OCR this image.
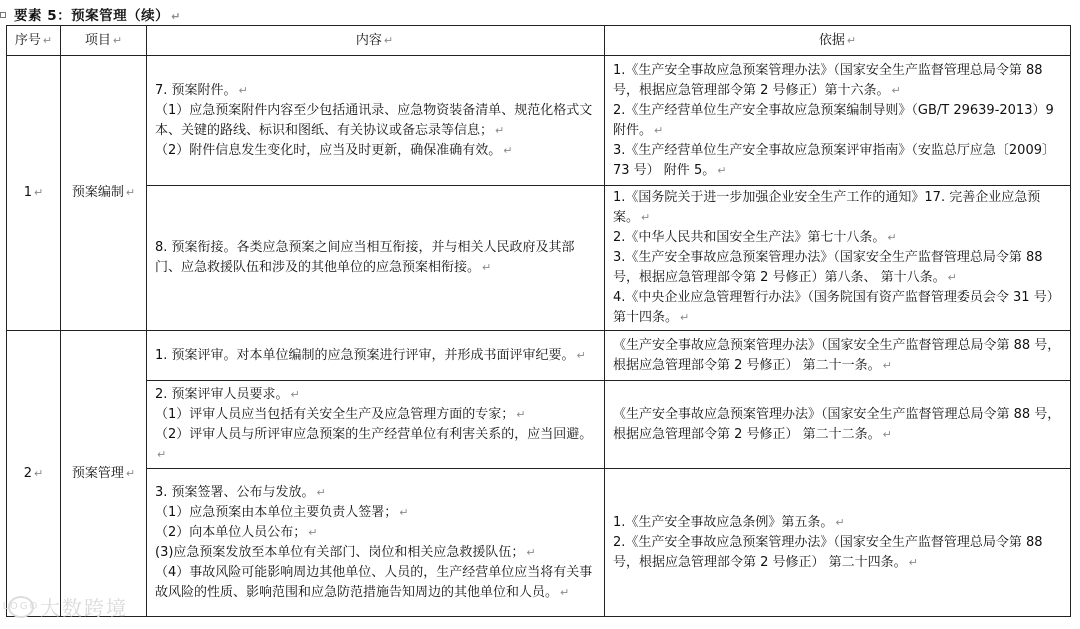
要素 5：预案管理（续） ↵
序号 ↵	项目 ↵	内容 ↵	依据 ↵
1 ↵	预案编制 ↵	7. 预案附件。 ↵
（1）应急预案附件内容至少包括通讯录、应急物资装备清单、规范化格式文本、关键的路线、标识和图纸、有关协议或备忘录等信息； ↵
（2）附件信息发生变化时，应当及时更新，确保准确有效。 ↵	1.《生产安全事故应急预案管理办法》（国家安全生产监督管理总局令第 88 号，根据应急管理部令第 2 号修正）第十六条。 ↵
2.《生产经营单位生产安全事故应急预案编制导则》（GB/T 29639-2013）9 附件。 ↵
3.《生产经营单位生产安全事故应急预案评审指南》（安监总厅应急〔2009〕73 号） 附件 5。 ↵

		8. 预案衔接。各类应急预案之间应当相互衔接，并与相关人民政府及其部门、应急救援队伍和涉及的其他单位的应急预案相衔接。 ↵	1.《国务院关于进一步加强企业安全生产工作的通知》17. 完善企业应急预案。 ↵
2.《中华人民共和国安全生产法》第七十八条。 ↵
3.《生产安全事故应急预案管理办法》（国家安全生产监督管理总局令第 88 号，根据应急管理部令第 2 号修正）第八条、 第十八条。 ↵
4.《中央企业应急管理暂行办法》（国务院国有资产监督管理委员会令 31 号）第十四条。 ↵

2 ↵	预案管理 ↵	1. 预案评审。对本单位编制的应急预案进行评审，并形成书面评审纪要。 ↵	《生产安全事故应急预案管理办法》（国家安全生产监督管理总局令第 88 号，根据应急管理部令第 2 号修正） 第二十一条。 ↵

		2. 预案评审人员要求。 ↵
（1）评审人员应当包括有关安全生产及应急管理方面的专家； ↵
（2）评审人员与所评审应急预案的生产经营单位有利害关系的，应当回避。↵	《生产安全事故应急预案管理办法》（国家安全生产监督管理总局令第 88 号，根据应急管理部令第 2 号修正） 第二十二条。 ↵

		3. 预案签署、公布与发放。 ↵
（1）应急预案由本单位主要负责人签署； ↵
（2）向本单位人员公布； ↵
(3)应急预案发放至本单位有关部门、岗位和相关应急救援队伍； ↵
（4）事故风险可能影响周边其他单位、人员的，生产经营单位应当将有关事故风险的性质、影响范围和应急防范措施告知周边的其他单位和人员。 ↵	1.《生产安全事故应急条例》第五条。 ↵
2.《生产安全事故应急预案管理办法》（国家安全生产监督管理总局令第 88 号，根据应急管理部令第 2 号修正） 第二十四条。 ↵
LOGO 大数跨境
